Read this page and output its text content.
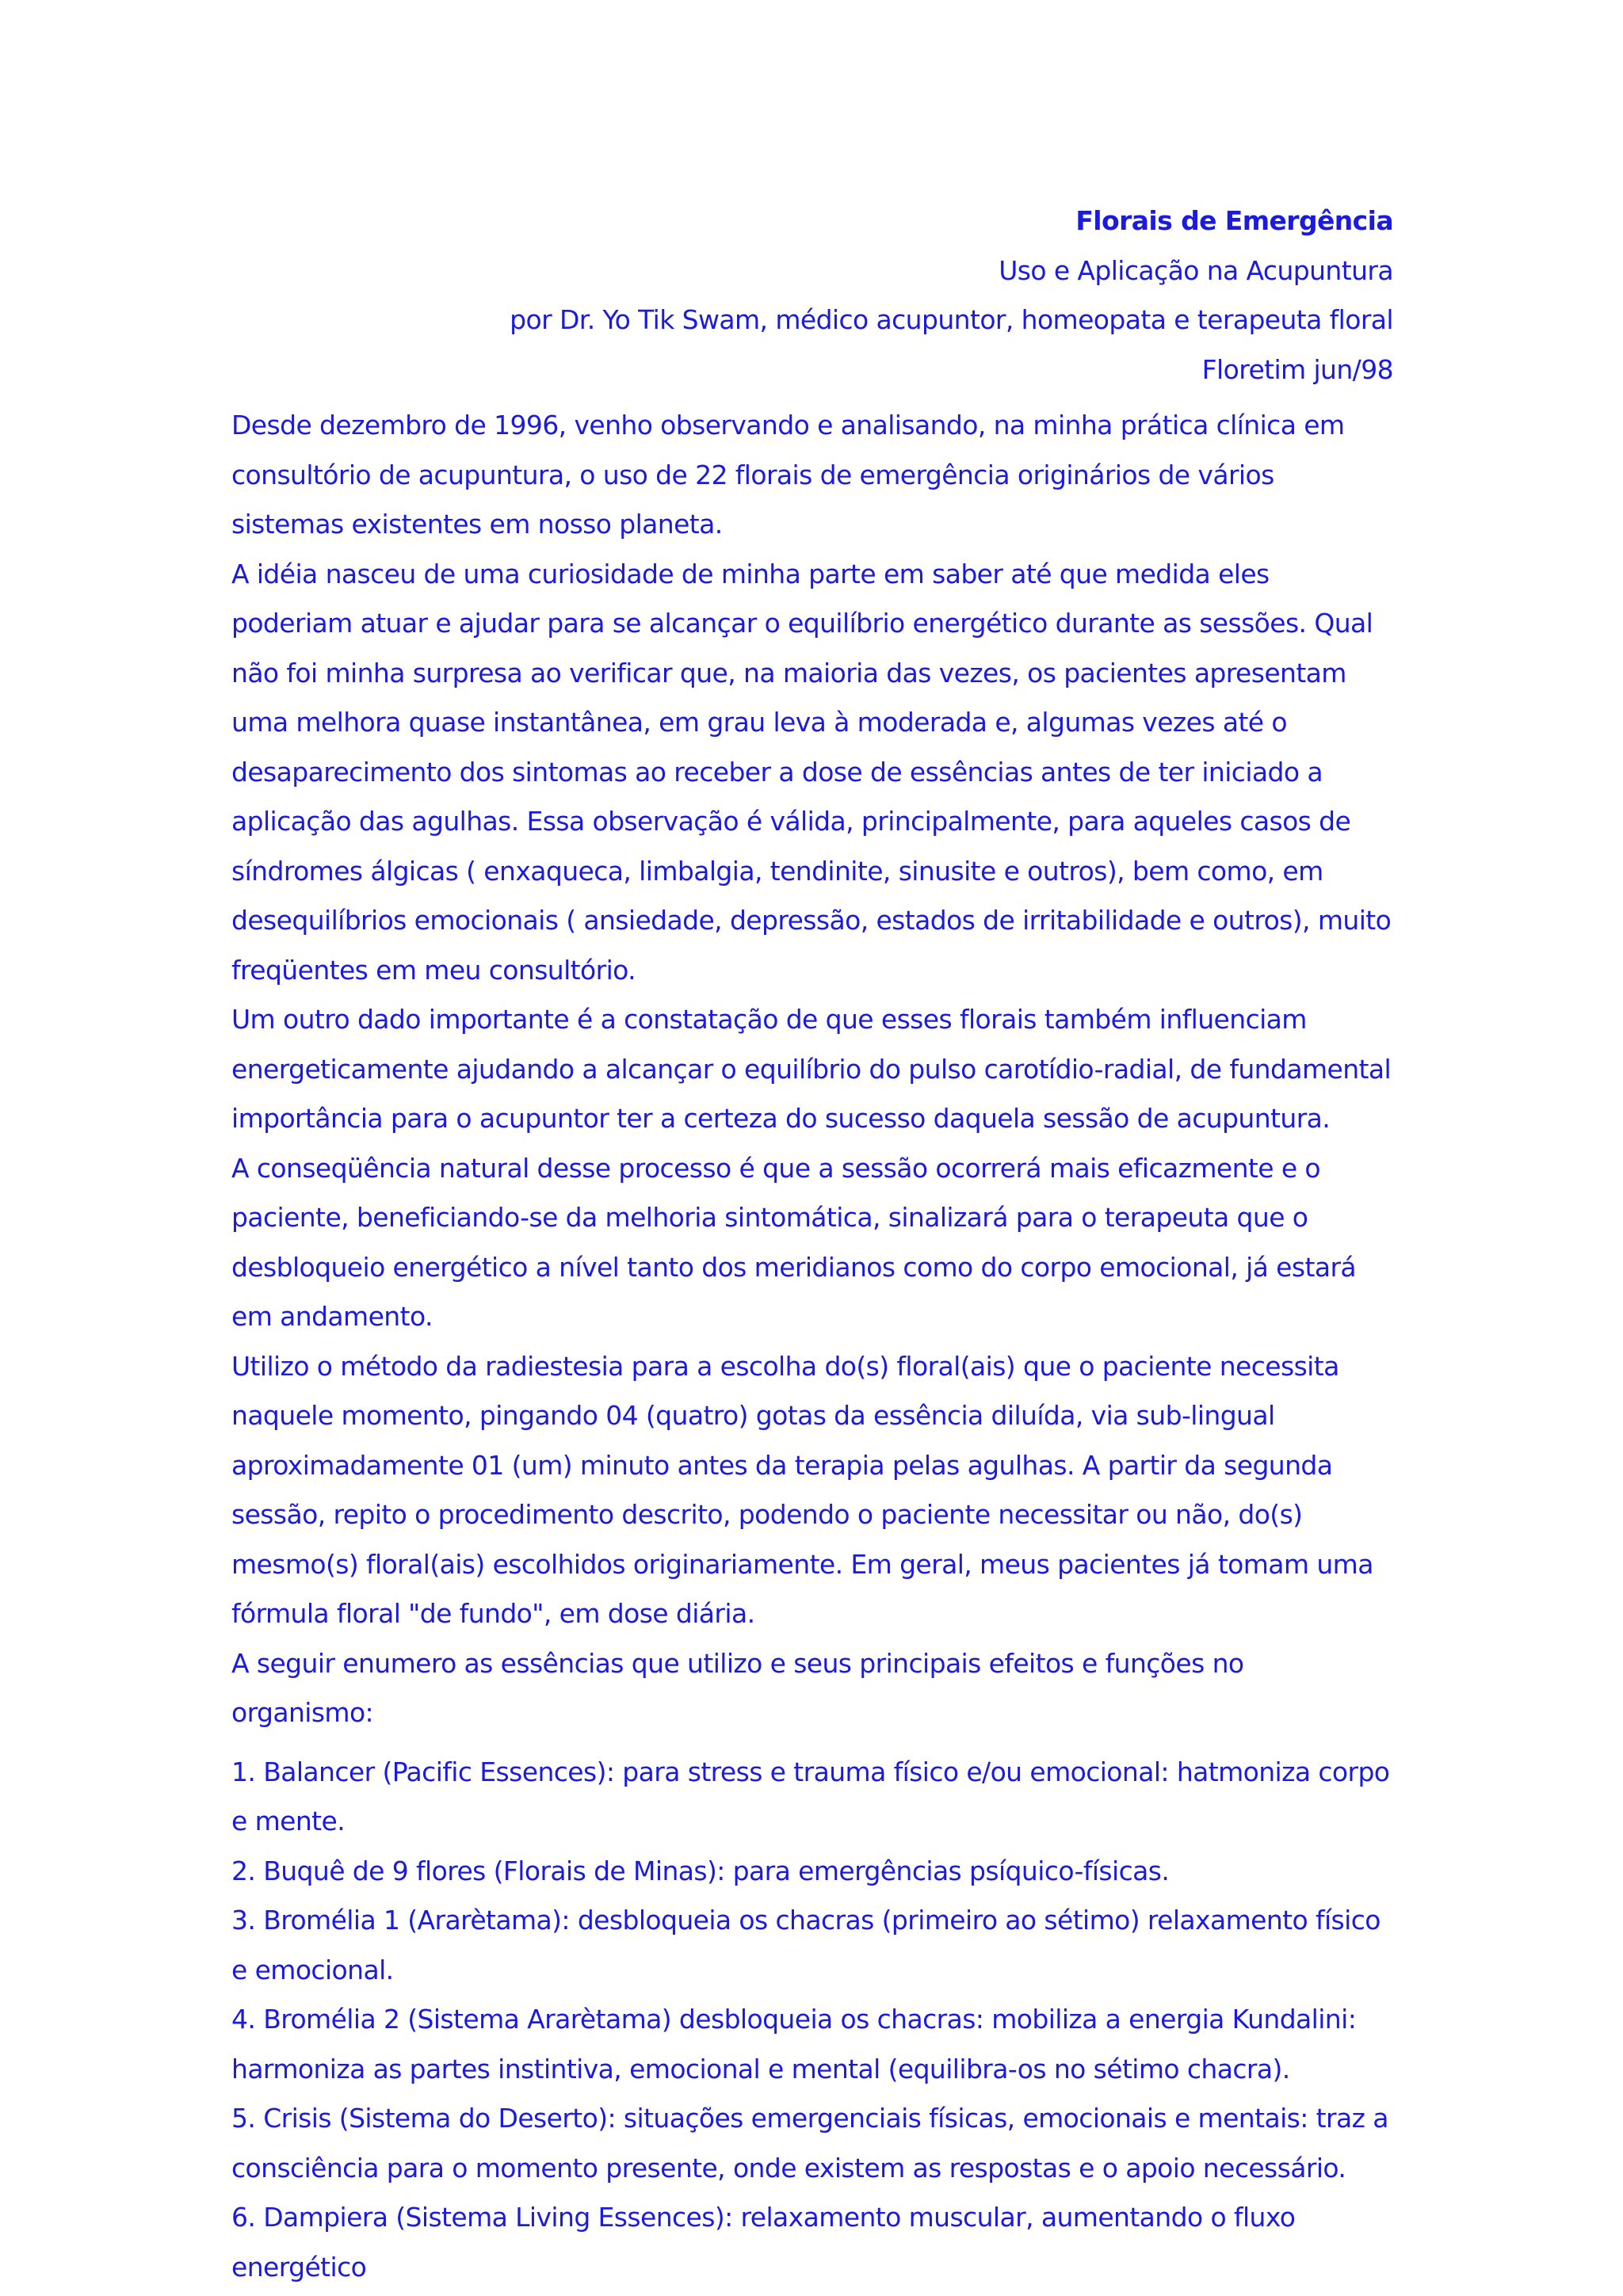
Florais de Emergência
Uso e Aplicação na Acupuntura
por Dr. Yo Tik Swam, médico acupuntor, homeopata e terapeuta floral
Floretim jun/98

Desde dezembro de 1996, venho observando e analisando, na minha prática clínica em consultório de acupuntura, o uso de 22 florais de emergência originários de vários sistemas existentes em nosso planeta.

A idéia nasceu de uma curiosidade de minha parte em saber até que medida eles poderiam atuar e ajudar para se alcançar o equilíbrio energético durante as sessões. Qual não foi minha surpresa ao verificar que, na maioria das vezes, os pacientes apresentam uma melhora quase instantânea, em grau leva à moderada e, algumas vezes até o desaparecimento dos sintomas ao receber a dose de essências antes de ter iniciado a aplicação das agulhas. Essa observação é válida, principalmente, para aqueles casos de síndromes álgicas ( enxaqueca, limbalgia, tendinite, sinusite e outros), bem como, em desequilíbrios emocionais ( ansiedade, depressão, estados de irritabilidade e outros), muito freqüentes em meu consultório.

Um outro dado importante é a constatação de que esses florais também influenciam energeticamente ajudando a alcançar o equilíbrio do pulso carotídio-radial, de fundamental importância para o acupuntor ter a certeza do sucesso daquela sessão de acupuntura.

A conseqüência natural desse processo é que a sessão ocorrerá mais eficazmente e o paciente, beneficiando-se da melhoria sintomática, sinalizará para o terapeuta que o desbloqueio energético a nível tanto dos meridianos como do corpo emocional, já estará em andamento.

Utilizo o método da radiestesia para a escolha do(s) floral(ais) que o paciente necessita naquele momento, pingando 04 (quatro) gotas da essência diluída, via sub-lingual aproximadamente 01 (um) minuto antes da terapia pelas agulhas. A partir da segunda sessão, repito o procedimento descrito, podendo o paciente necessitar ou não, do(s) mesmo(s) floral(ais) escolhidos originariamente. Em geral, meus pacientes já tomam uma fórmula floral "de fundo", em dose diária.

A seguir enumero as essências que utilizo e seus principais efeitos e funções no organismo:

1. Balancer (Pacific Essences): para stress e trauma físico e/ou emocional: hatmoniza corpo e mente.

2. Buquê de 9 flores (Florais de Minas): para emergências psíquico-físicas.

3. Bromélia 1 (Ararètama): desbloqueia os chacras (primeiro ao sétimo) relaxamento físico e emocional.

4. Bromélia 2 (Sistema Ararètama) desbloqueia os chacras: mobiliza a energia Kundalini: harmoniza as partes instintiva, emocional e mental (equilibra-os no sétimo chacra).

5. Crisis (Sistema do Deserto): situações emergenciais físicas, emocionais e mentais: traz a consciência para o momento presente, onde existem as respostas e o apoio necessário.

6. Dampiera (Sistema Living Essences): relaxamento muscular, aumentando o fluxo energético
